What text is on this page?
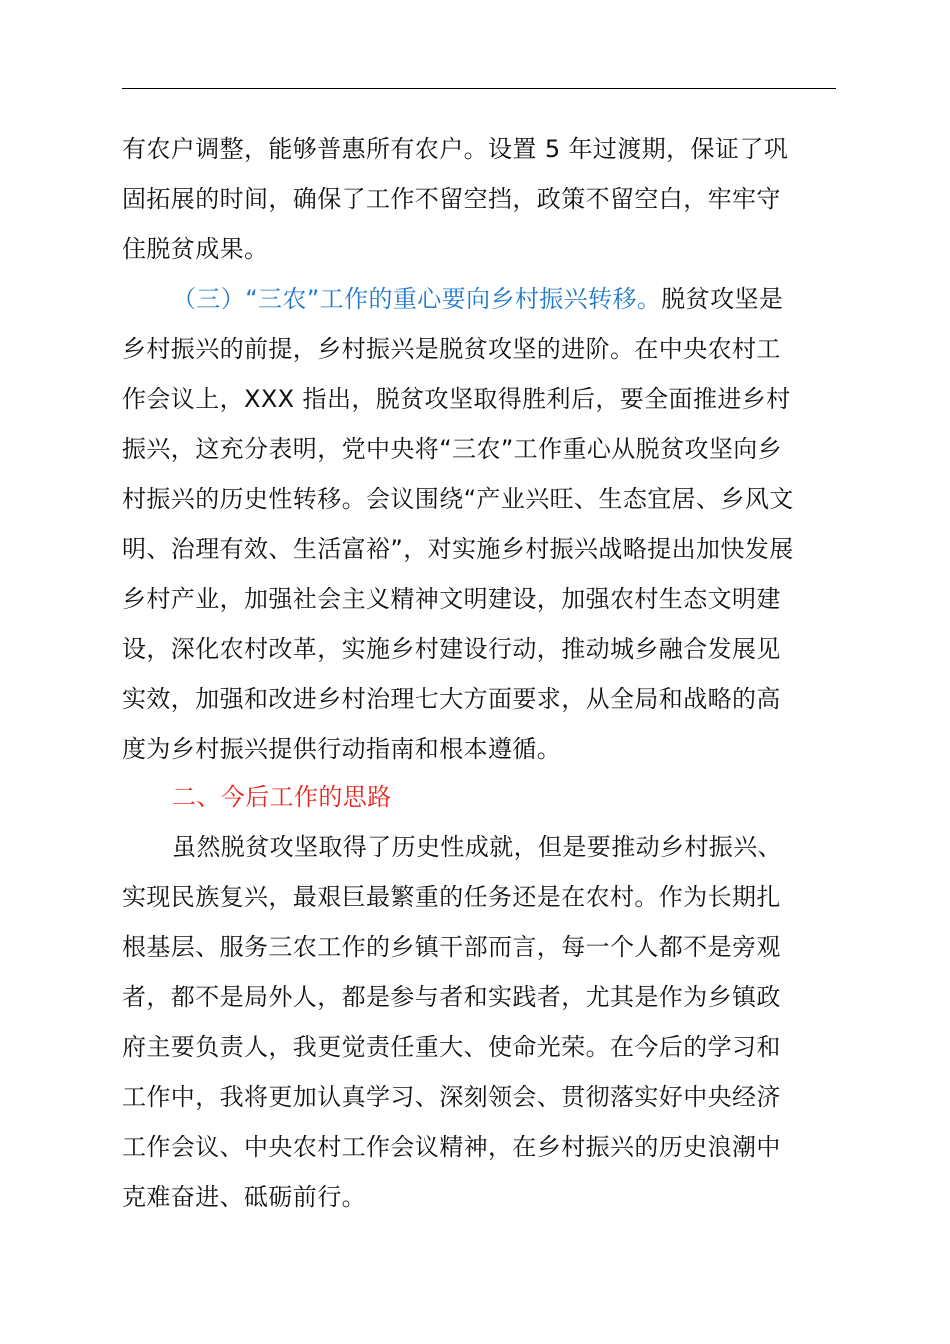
有农户调整，能够普惠所有农户。设置 5 年过渡期，保证了巩
固拓展的时间，确保了工作不留空挡，政策不留空白，牢牢守
住脱贫成果。
（三）“三农”工作的重心要向乡村振兴转移。脱贫攻坚是
乡村振兴的前提，乡村振兴是脱贫攻坚的进阶。在中央农村工
作会议上，XXX 指出，脱贫攻坚取得胜利后，要全面推进乡村
振兴，这充分表明，党中央将“三农”工作重心从脱贫攻坚向乡
村振兴的历史性转移。会议围绕“产业兴旺、生态宜居、乡风文
明、治理有效、生活富裕”，对实施乡村振兴战略提出加快发展
乡村产业，加强社会主义精神文明建设，加强农村生态文明建
设，深化农村改革，实施乡村建设行动，推动城乡融合发展见
实效，加强和改进乡村治理七大方面要求，从全局和战略的高
度为乡村振兴提供行动指南和根本遵循。
二、今后工作的思路
虽然脱贫攻坚取得了历史性成就，但是要推动乡村振兴、
实现民族复兴，最艰巨最繁重的任务还是在农村。作为长期扎
根基层、服务三农工作的乡镇干部而言，每一个人都不是旁观
者，都不是局外人，都是参与者和实践者，尤其是作为乡镇政
府主要负责人，我更觉责任重大、使命光荣。在今后的学习和
工作中，我将更加认真学习、深刻领会、贯彻落实好中央经济
工作会议、中央农村工作会议精神，在乡村振兴的历史浪潮中
克难奋进、砥砺前行。
